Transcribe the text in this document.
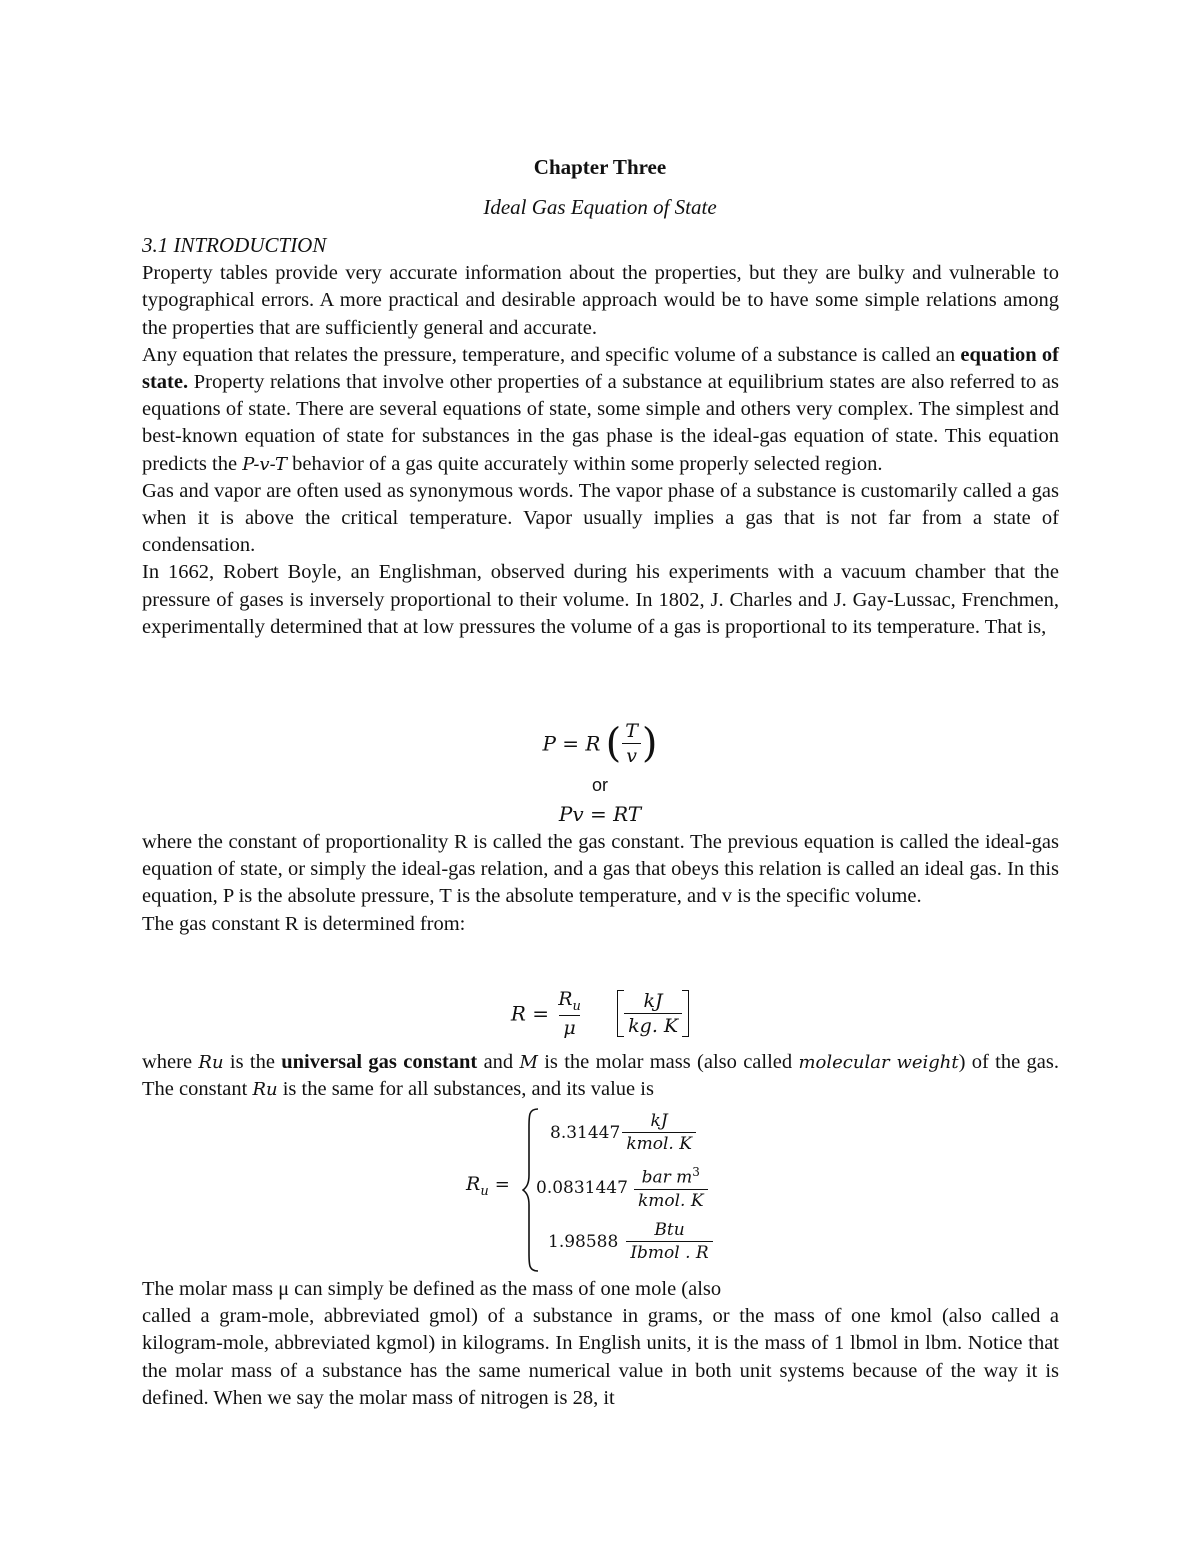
Chapter Three
Ideal Gas Equation of State

3.1 INTRODUCTION

Property tables provide very accurate information about the properties, but they are bulky and vulnerable to typographical errors. A more practical and desirable approach would be to have some simple relations among the properties that are sufficiently general and accurate.

Any equation that relates the pressure, temperature, and specific volume of a substance is called an equation of state. Property relations that involve other properties of a substance at equilibrium states are also referred to as equations of state. There are several equations of state, some simple and others very complex. The simplest and best-known equation of state for substances in the gas phase is the ideal-gas equation of state. This equation predicts the P-v-T behavior of a gas quite accurately within some properly selected region.

Gas and vapor are often used as synonymous words. The vapor phase of a substance is customarily called a gas when it is above the critical temperature. Vapor usually implies a gas that is not far from a state of condensation.

In 1662, Robert Boyle, an Englishman, observed during his experiments with a vacuum chamber that the pressure of gases is inversely proportional to their volume. In 1802, J. Charles and J. Gay-Lussac, Frenchmen, experimentally determined that at low pressures the volume of a gas is proportional to its temperature. That is,

P = R ( $\frac{T}{v}$ )
or
Pv = RT

where the constant of proportionality R is called the gas constant. The previous equation is called the ideal-gas equation of state, or simply the ideal-gas relation, and a gas that obeys this relation is called an ideal gas. In this equation, P is the absolute pressure, T is the absolute temperature, and v is the specific volume.

The gas constant R is determined from:

$R = \frac{R_u}{\mu}$
$\frac{kJ}{kg. K}$

where Ru is the universal gas constant and M is the molar mass (also called molecular weight) of the gas. The constant Ru is the same for all substances, and its value is

$R_u$ =
$8.31447 \frac{kJ}{\text{kmol. K}}$
$0.0831447 \frac{bar m^3}{\text{kmol. K}}$
$1.98588 \frac{\text{Btu}}{\text{Ibmol . R}}$

The molar mass μ can simply be defined as the mass of one mole (also

called a gram-mole, abbreviated gmol) of a substance in grams, or the mass of one kmol (also called a kilogram-mole, abbreviated kgmol) in kilograms. In English units, it is the mass of 1 lbmol in lbm. Notice that the molar mass of a substance has the same numerical value in both unit systems because of the way it is defined. When we say the molar mass of nitrogen is 28, it
